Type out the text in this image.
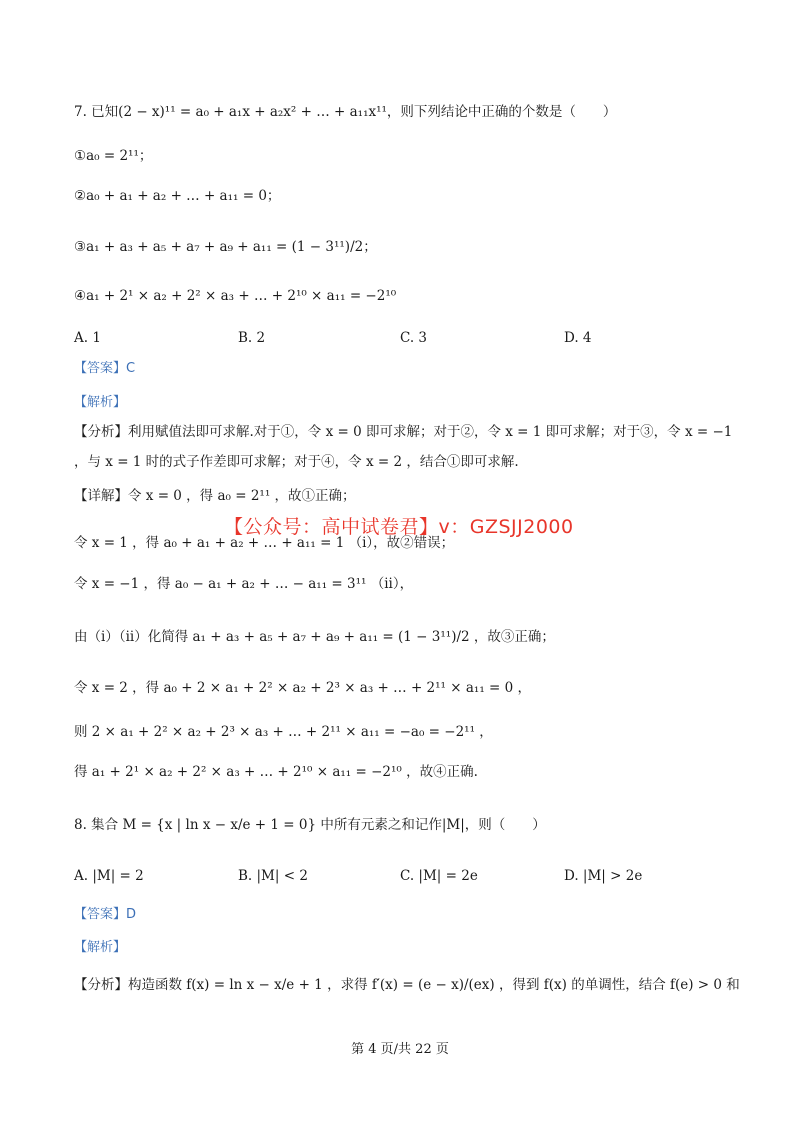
7. 已知(2 − x)¹¹ = a₀ + a₁x + a₂x² + … + a₁₁x¹¹，则下列结论中正确的个数是（　　）
①a₀ = 2¹¹；
②a₀ + a₁ + a₂ + … + a₁₁ = 0；
③a₁ + a₃ + a₅ + a₇ + a₉ + a₁₁ = (1 − 3¹¹)/2；
④a₁ + 2¹ × a₂ + 2² × a₃ + … + 2¹⁰ × a₁₁ = −2¹⁰
A. 1	B. 2	C. 3	D. 4
【答案】C
【解析】
【分析】利用赋值法即可求解.对于①，令 x = 0 即可求解；对于②，令 x = 1 即可求解；对于③，令 x = −1
，与 x = 1 时的式子作差即可求解；对于④，令 x = 2 ，结合①即可求解.
【详解】令 x = 0 ，得 a₀ = 2¹¹ ，故①正确；
【公众号：高中试卷君】v：GZSJJ2000
令 x = 1 ，得 a₀ + a₁ + a₂ + … + a₁₁ = 1 （i），故②错误；
令 x = −1 ，得 a₀ − a₁ + a₂ + … − a₁₁ = 3¹¹ （ii），
由（i）（ii）化简得 a₁ + a₃ + a₅ + a₇ + a₉ + a₁₁ = (1 − 3¹¹)/2 ，故③正确；
令 x = 2 ，得 a₀ + 2 × a₁ + 2² × a₂ + 2³ × a₃ + … + 2¹¹ × a₁₁ = 0 ，
则 2 × a₁ + 2² × a₂ + 2³ × a₃ + … + 2¹¹ × a₁₁ = −a₀ = −2¹¹ ，
得 a₁ + 2¹ × a₂ + 2² × a₃ + … + 2¹⁰ × a₁₁ = −2¹⁰ ，故④正确.
8. 集合 M = {x | ln x − x/e + 1 = 0} 中所有元素之和记作|M|，则（　　）
A. |M| = 2	B. |M| < 2	C. |M| = 2e	D. |M| > 2e
【答案】D
【解析】
【分析】构造函数 f(x) = ln x − x/e + 1 ，求得 f′(x) = (e − x)/(ex) ，得到 f(x) 的单调性，结合 f(e) > 0 和
第 4 页/共 22 页
